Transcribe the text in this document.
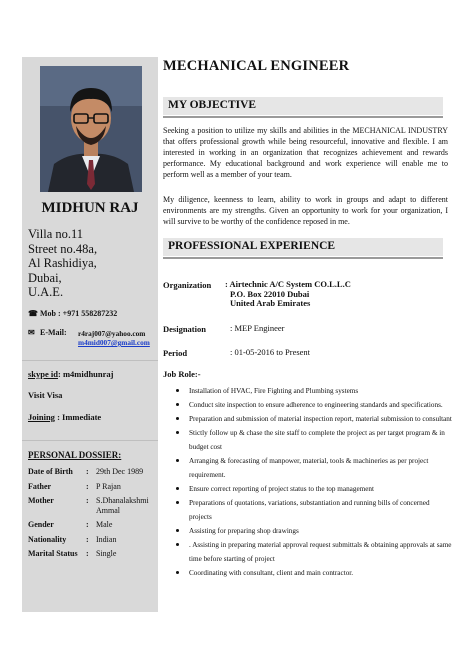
MIDHUN RAJ
Villa no.11
Street no.48a,
Al Rashidiya,
Dubai,
U.A.E.
☎ Mob : +971 558287232
✉ E-Mail: r4raj007@yahoo.com
m4mid007@gmail.com
skype id: m4midhunraj
Visit Visa
Joining : Immediate
PERSONAL DOSSIER:
Date of Birth	: 29th Dec 1989
Father	: P Rajan
Mother	: S.Dhanalakshmi Ammal
Gender	: Male
Nationality	: Indian
Marital Status	: Single
MECHANICAL ENGINEER
MY OBJECTIVE
Seeking a position to utilize my skills and abilities in the MECHANICAL INDUSTRY that offers professional growth while being resourceful, innovative and flexible. I am interested in working in an organization that recognizes achievement and rewards performance. My educational background and work experience will enable me to perform well as a member of your team.
My diligence, keenness to learn, ability to work in groups and adapt to different environments are my strengths. Given an opportunity to work for your organization, I will survive to be worthy of the confidence reposed in me.
PROFESSIONAL EXPERIENCE
Organization : Airtechnic A/C System CO.L.L.C
P.O. Box 22010 Dubai
United Arab Emirates
Designation	: MEP Engineer
Period	: 01-05-2016 to Present
Job Role:-
Installation of HVAC, Fire Fighting and Plumbing systems
Conduct site inspection to ensure adherence to engineering standards and specifications.
Preparation and submission of material inspection report, material submission to consultant
Stictly follow up & chase the site staff to complete the project as per target program & in budget cost
Arranging & forecasting of manpower, material, tools & machineries as per project requirement.
Ensure correct reporting of project status to the top management
Preparations of quotations, variations, substantiation and running bills of concerned projects
Assisting for preparing shop drawings
. Assisting in preparing material approval request submittals & obtaining approvals at same time before starting of project
Coordinating with consultant, client and main contractor.
